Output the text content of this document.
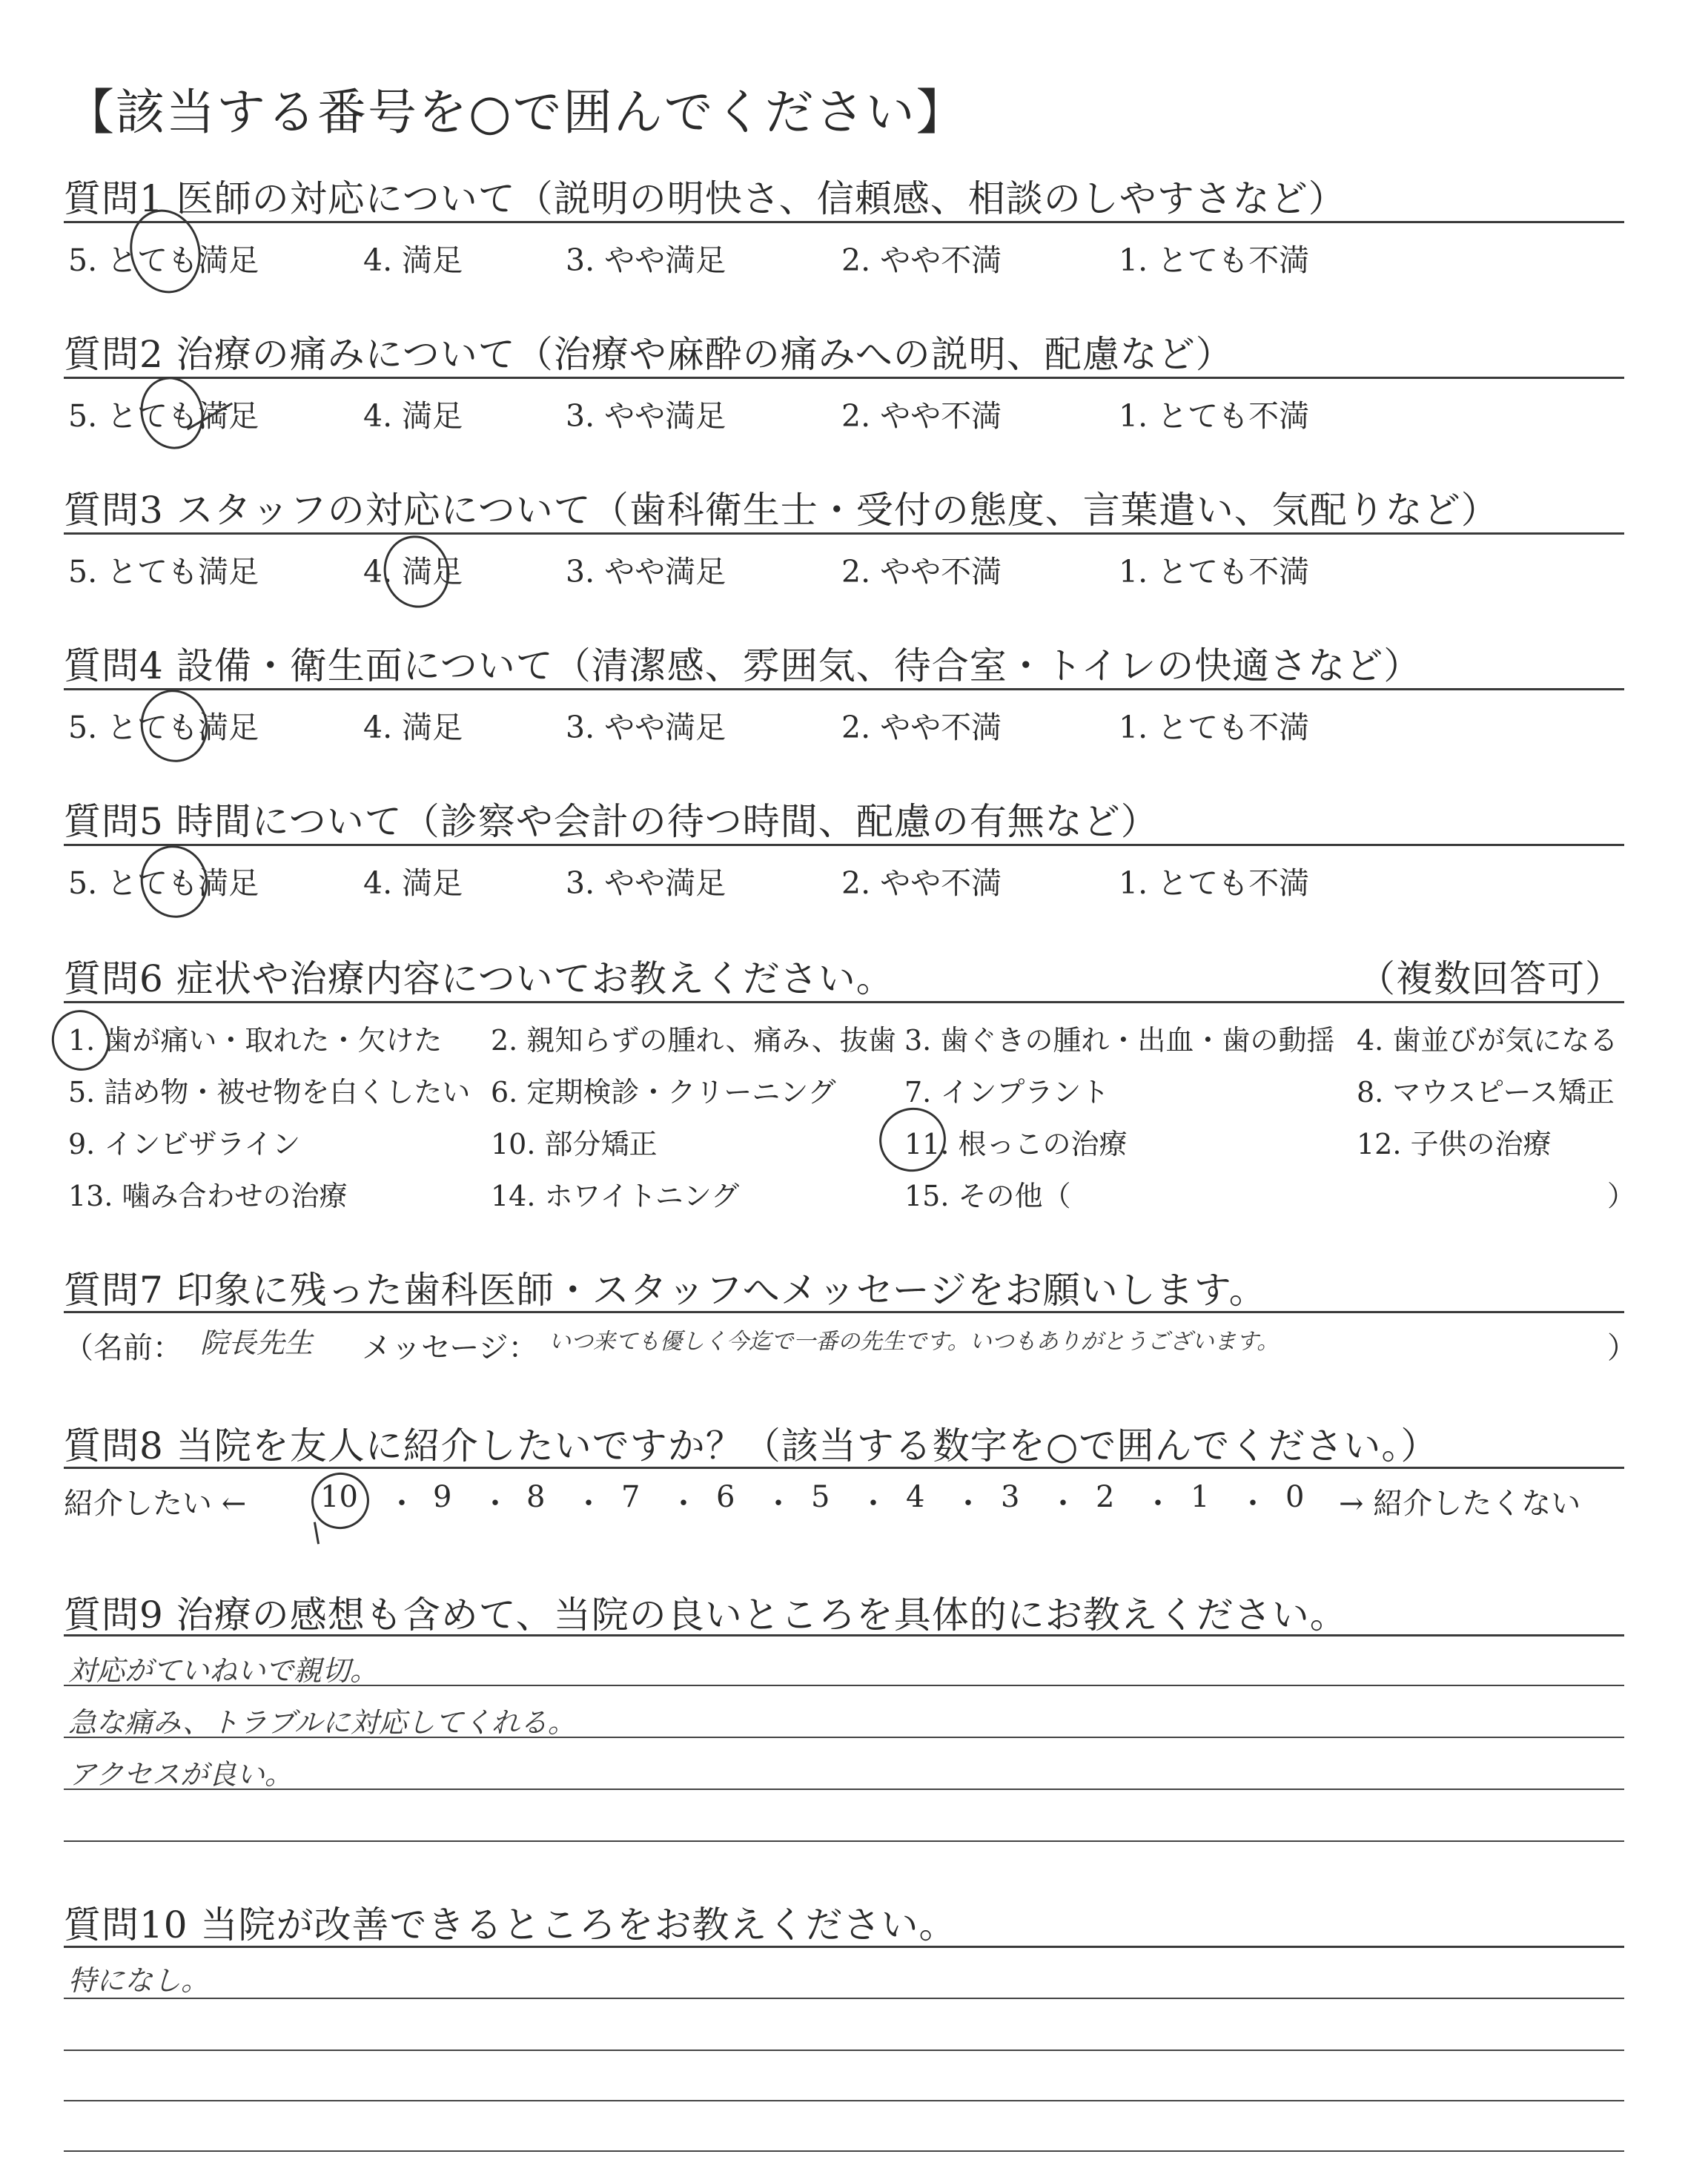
【該当する番号を○で囲んでください】
質問1 医師の対応について（説明の明快さ、信頼感、相談のしやすさなど）
5. とても満足	4. 満足	3. やや満足	2. やや不満	1. とても不満
質問2 治療の痛みについて（治療や麻酔の痛みへの説明、配慮など）
5. とても満足	4. 満足	3. やや満足	2. やや不満	1. とても不満
質問3 スタッフの対応について（歯科衛生士・受付の態度、言葉遣い、気配りなど）
5. とても満足	4. 満足	3. やや満足	2. やや不満	1. とても不満
質問4 設備・衛生面について（清潔感、雰囲気、待合室・トイレの快適さなど）
5. とても満足	4. 満足	3. やや満足	2. やや不満	1. とても不満
質問5 時間について（診察や会計の待つ時間、配慮の有無など）
5. とても満足	4. 満足	3. やや満足	2. やや不満	1. とても不満
質問6 症状や治療内容についてお教えください。	（複数回答可）
1. 歯が痛い・取れた・欠けた 2. 親知らずの腫れ、痛み、抜歯 3. 歯ぐきの腫れ・出血・歯の動揺 4. 歯並びが気になる
5. 詰め物・被せ物を白くしたい 6. 定期検診・クリーニング 7. インプラント	8. マウスピース矯正
9. インビザライン	10. 部分矯正	11. 根っこの治療	12. 子供の治療
13. 噛み合わせの治療	14. ホワイトニング	15. その他（	）
質問7 印象に残った歯科医師・スタッフへメッセージをお願いします。
（名前： 院長先生 メッセージ： いつ来ても優しく今迄で一番の先生です。いつもありがとうございます。	）
質問8 当院を友人に紹介したいですか？（該当する数字を○で囲んでください。）
紹介したい ← 10 ・ 9 ・ 8 ・ 7 ・ 6 ・ 5 ・ 4 ・ 3 ・ 2 ・ 1 ・ 0 → 紹介したくない
質問9 治療の感想も含めて、当院の良いところを具体的にお教えください。
対応がていねいで親切。
急な痛み、トラブルに対応してくれる。
アクセスが良い。
質問10 当院が改善できるところをお教えください。
特になし。
